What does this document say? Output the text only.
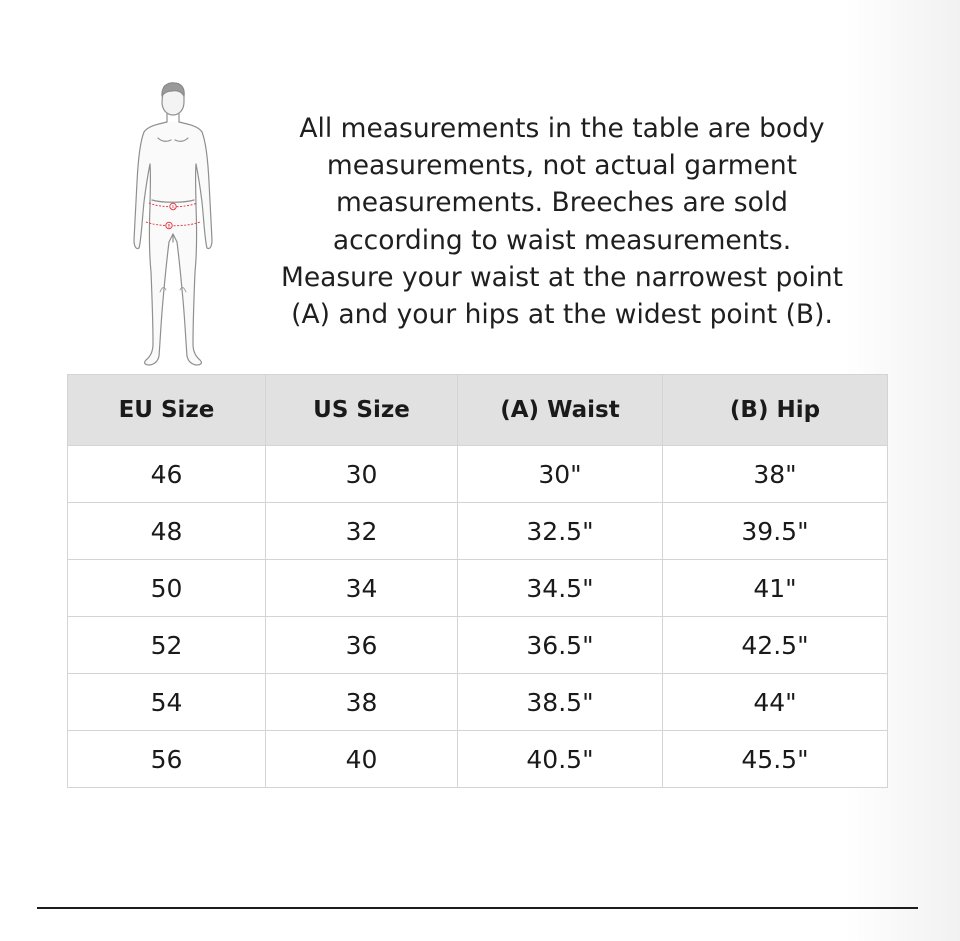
A
B

All measurements in the table are body
measurements, not actual garment
measurements. Breeches are sold
according to waist measurements.
Measure your waist at the narrowest point
(A) and your hips at the widest point (B).

EU Size	US Size	(A) Waist	(B) Hip
46	30	30"	38"
48	32	32.5"	39.5"
50	34	34.5"	41"
52	36	36.5"	42.5"
54	38	38.5"	44"
56	40	40.5"	45.5"
